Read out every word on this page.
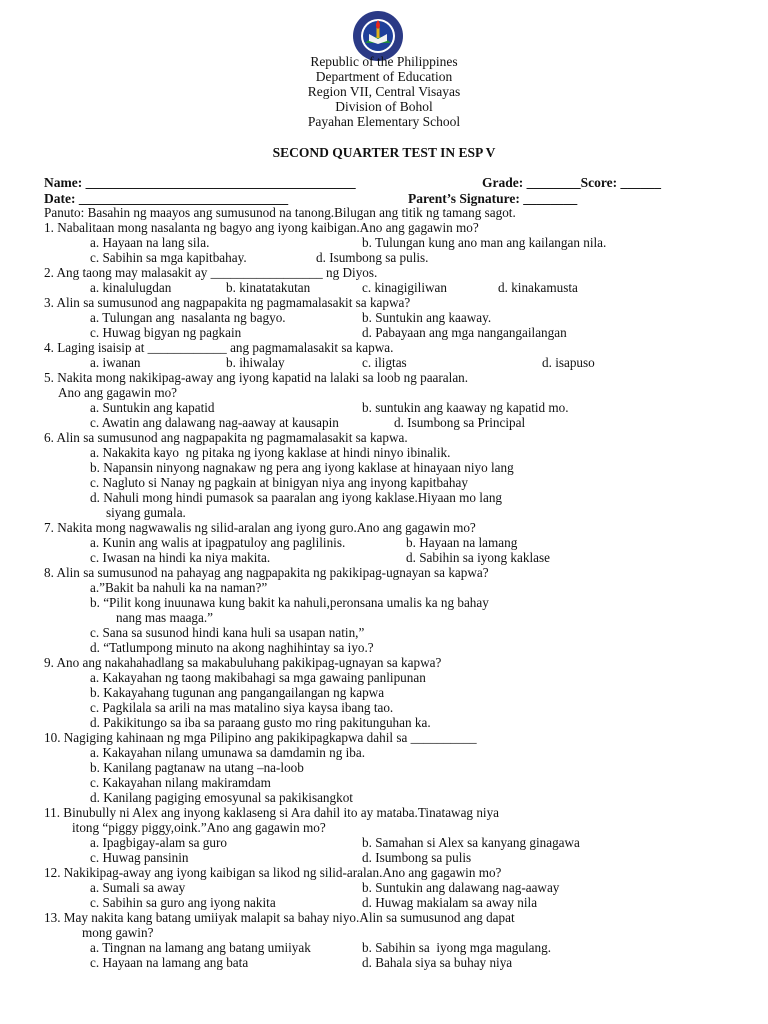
Republic of the Philippines
Department of Education
Region VII, Central Visayas
Division of Bohol
Payahan Elementary School
SECOND QUARTER TEST IN ESP V

Name: ________________________________________

	Grade: ________Score: ______

Date: _______________________________

	Parent’s Signature: ________

Panuto: Basahin ng maayos ang sumusunod na tanong.Bilugan ang titik ng tamang sagot.

1. Nabalitaan mong nasalanta ng bagyo ang iyong kaibigan.Ano ang gagawin mo?
a. Hayaan na lang sila.	b. Tulungan kung ano man ang kailangan nila.
c. Sabihin sa mga kapitbahay.	d. Isumbong sa pulis.
2. Ang taong may malasakit ay _________________ ng Diyos.
a. kinalulugdan	b. kinatatakutan	c. kinagigiliwan	d. kinakamusta
3. Alin sa sumusunod ang nagpapakita ng pagmamalasakit sa kapwa?
a. Tulungan ang  nasalanta ng bagyo.	b. Suntukin ang kaaway.
c. Huwag bigyan ng pagkain	d. Pabayaan ang mga nangangailangan
4. Laging isaisip at ____________ ang pagmamalasakit sa kapwa.
a. iwanan	b. ihiwalay	c. iligtas	d. isapuso
5. Nakita mong nakikipag-away ang iyong kapatid na lalaki sa loob ng paaralan.
Ano ang gagawin mo?
a. Suntukin ang kapatid	b. suntukin ang kaaway ng kapatid mo.
c. Awatin ang dalawang nag-aaway at kausapin	d. Isumbong sa Principal
6. Alin sa sumusunod ang nagpapakita ng pagmamalasakit sa kapwa.
a. Nakakita kayo  ng pitaka ng iyong kaklase at hindi ninyo ibinalik.
b. Napansin ninyong nagnakaw ng pera ang iyong kaklase at hinayaan niyo lang
c. Nagluto si Nanay ng pagkain at binigyan niya ang inyong kapitbahay
d. Nahuli mong hindi pumasok sa paaralan ang iyong kaklase.Hiyaan mo lang
siyang gumala.
7. Nakita mong nagwawalis ng silid-aralan ang iyong guro.Ano ang gagawin mo?
a. Kunin ang walis at ipagpatuloy ang paglilinis.	b. Hayaan na lamang
c. Iwasan na hindi ka niya makita.	d. Sabihin sa iyong kaklase
8. Alin sa sumusunod na pahayag ang nagpapakita ng pakikipag-ugnayan sa kapwa?
a.”Bakit ba nahuli ka na naman?”
b. “Pilit kong inuunawa kung bakit ka nahuli,peronsana umalis ka ng bahay
nang mas maaga.”
c. Sana sa susunod hindi kana huli sa usapan natin,”
d. “Tatlumpong minuto na akong naghihintay sa iyo.?
9. Ano ang nakahahadlang sa makabuluhang pakikipag-ugnayan sa kapwa?
a. Kakayahan ng taong makibahagi sa mga gawaing panlipunan
b. Kakayahang tugunan ang pangangailangan ng kapwa
c. Pagkilala sa arili na mas matalino siya kaysa ibang tao.
d. Pakikitungo sa iba sa paraang gusto mo ring pakitunguhan ka.
10. Nagiging kahinaan ng mga Pilipino ang pakikipagkapwa dahil sa __________
a. Kakayahan nilang umunawa sa damdamin ng iba.
b. Kanilang pagtanaw na utang –na-loob
c. Kakayahan nilang makiramdam
d. Kanilang pagiging emosyunal sa pakikisangkot
11. Binubully ni Alex ang inyong kaklaseng si Ara dahil ito ay mataba.Tinatawag niya
itong “piggy piggy,oink.”Ano ang gagawin mo?
a. Ipagbigay-alam sa guro	b. Samahan si Alex sa kanyang ginagawa
c. Huwag pansinin	d. Isumbong sa pulis
12. Nakikipag-away ang iyong kaibigan sa likod ng silid-aralan.Ano ang gagawin mo?
a. Sumali sa away	b. Suntukin ang dalawang nag-aaway
c. Sabihin sa guro ang iyong nakita	d. Huwag makialam sa away nila
13. May nakita kang batang umiiyak malapit sa bahay niyo.Alin sa sumusunod ang dapat
mong gawin?
a. Tingnan na lamang ang batang umiiyak	b. Sabihin sa  iyong mga magulang.
c. Hayaan na lamang ang bata	d. Bahala siya sa buhay niya
